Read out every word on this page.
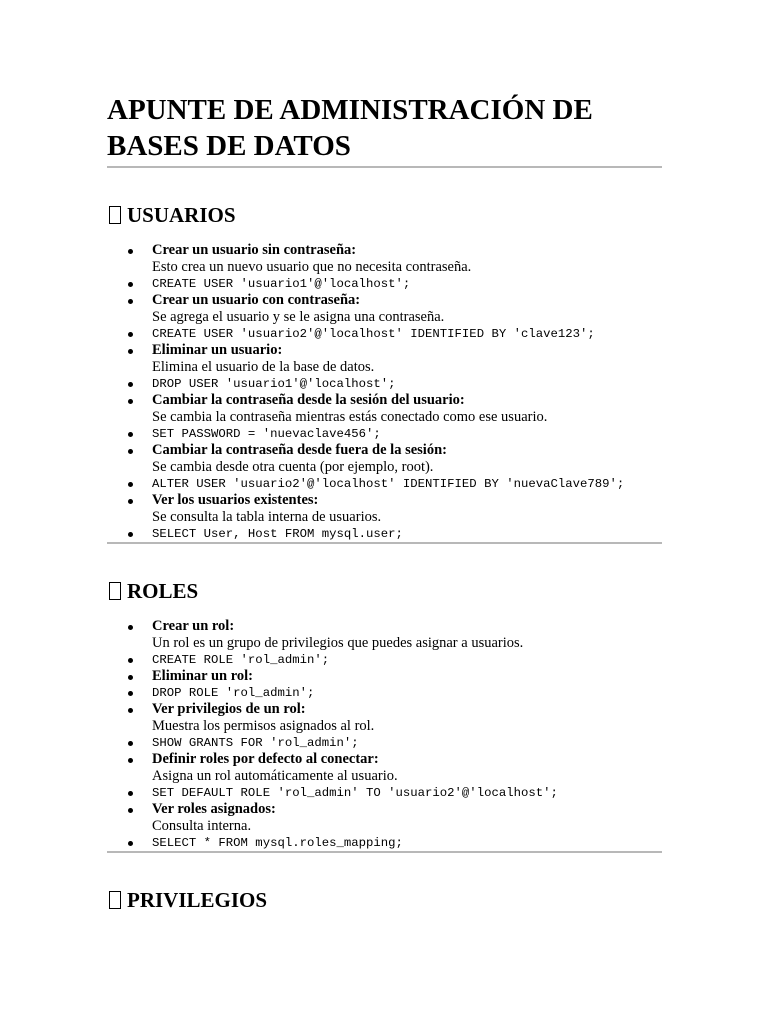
APUNTE DE ADMINISTRACIÓN DE BASES DE DATOS
USUARIOS
Crear un usuario sin contraseña:
Esto crea un nuevo usuario que no necesita contraseña.
CREATE USER 'usuario1'@'localhost';
Crear un usuario con contraseña:
Se agrega el usuario y se le asigna una contraseña.
CREATE USER 'usuario2'@'localhost' IDENTIFIED BY 'clave123';
Eliminar un usuario:
Elimina el usuario de la base de datos.
DROP USER 'usuario1'@'localhost';
Cambiar la contraseña desde la sesión del usuario:
Se cambia la contraseña mientras estás conectado como ese usuario.
SET PASSWORD = 'nuevaclave456';
Cambiar la contraseña desde fuera de la sesión:
Se cambia desde otra cuenta (por ejemplo, root).
ALTER USER 'usuario2'@'localhost' IDENTIFIED BY 'nuevaClave789';
Ver los usuarios existentes:
Se consulta la tabla interna de usuarios.
SELECT User, Host FROM mysql.user;
ROLES
Crear un rol:
Un rol es un grupo de privilegios que puedes asignar a usuarios.
CREATE ROLE 'rol_admin';
Eliminar un rol:
DROP ROLE 'rol_admin';
Ver privilegios de un rol:
Muestra los permisos asignados al rol.
SHOW GRANTS FOR 'rol_admin';
Definir roles por defecto al conectar:
Asigna un rol automáticamente al usuario.
SET DEFAULT ROLE 'rol_admin' TO 'usuario2'@'localhost';
Ver roles asignados:
Consulta interna.
SELECT * FROM mysql.roles_mapping;
PRIVILEGIOS
